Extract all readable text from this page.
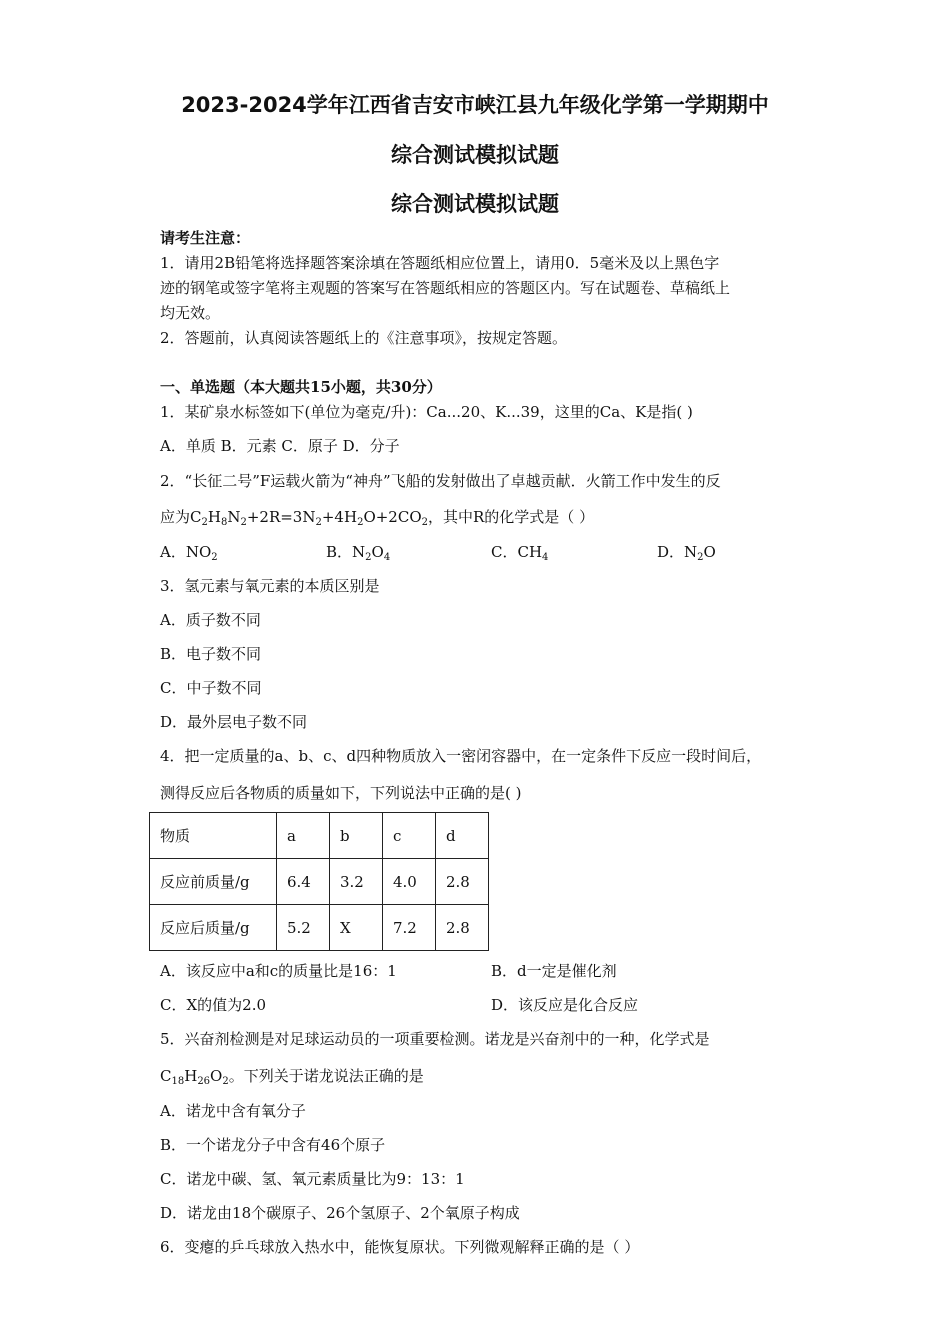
2023-2024学年江西省吉安市峡江县九年级化学第一学期期中
综合测试模拟试题
综合测试模拟试题
请考生注意：
1．请用2B铅笔将选择题答案涂填在答题纸相应位置上，请用0．5毫米及以上黑色字
迹的钢笔或签字笔将主观题的答案写在答题纸相应的答题区内。写在试题卷、草稿纸上
均无效。
2．答题前，认真阅读答题纸上的《注意事项》，按规定答题。
一、单选题（本大题共15小题，共30分）
1．某矿泉水标签如下(单位为毫克/升)：Ca...20、K...39，这里的Ca、K是指( )
A．单质 B．元素 C．原子 D．分子
2．“长征二号”F运载火箭为“神舟”飞船的发射做出了卓越贡献．火箭工作中发生的反
应为$C_2H_8N_2+2R=3N_2+4H_2O+2CO_2$，其中R的化学式是（ ）
A．$NO_2$	B．$N_2O_4$	C．$CH_4$	D．$N_2O$
3．氢元素与氧元素的本质区别是
A．质子数不同
B．电子数不同
C．中子数不同
D．最外层电子数不同
4．把一定质量的a、b、c、d四种物质放入一密闭容器中，在一定条件下反应一段时间后，
测得反应后各物质的质量如下，下列说法中正确的是( )
物质	a	b	c	d
反应前质量/g	6.4	3.2	4.0	2.8
反应后质量/g	5.2	X	7.2	2.8
A．该反应中a和c的质量比是16：1	B．d一定是催化剂
C．X的值为2.0	D．该反应是化合反应
5．兴奋剂检测是对足球运动员的一项重要检测。诺龙是兴奋剂中的一种，化学式是
$C_{18}H_{26}O_2$。下列关于诺龙说法正确的是
A．诺龙中含有氧分子
B．一个诺龙分子中含有46个原子
C．诺龙中碳、氢、氧元素质量比为9：13：1
D．诺龙由18个碳原子、26个氢原子、2个氧原子构成
6．变瘪的乒乓球放入热水中，能恢复原状。下列微观解释正确的是（ ）
